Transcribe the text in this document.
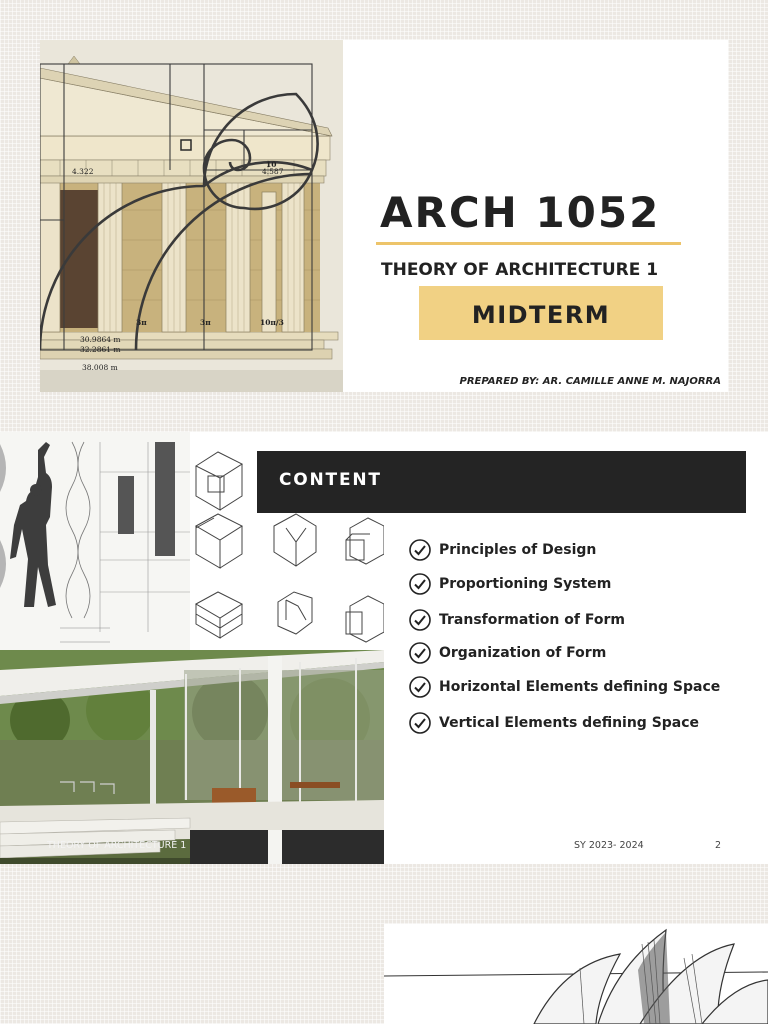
4.322	4.587
10
3π	10π/3
3π
38.008 m
30.9864 m
32.2861 m
ARCH 1052
THEORY OF ARCHITECTURE 1
MIDTERM
PREPARED BY: AR. CAMILLE ANNE M. NAJORRA
CONTENT
Principles of Design
Proportioning System
Transformation of Form
Organization of Form
Horizontal Elements defining Space
Vertical Elements defining Space
THEORY OF ARCHITECTURE 1	SY 2023- 2024	2
